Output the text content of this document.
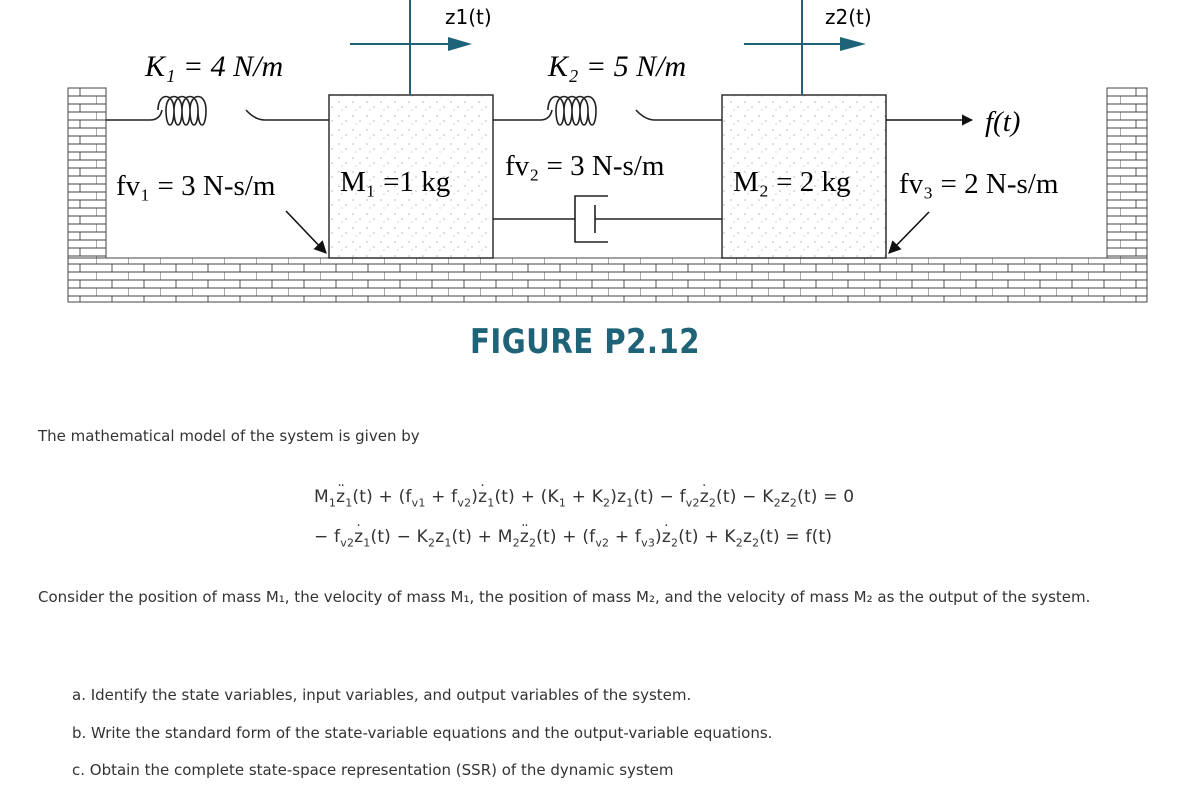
z1(t)	z2(t)
K₁ = 4 N/m	K₂ = 5 N/m
fv₁ = 3 N-s/m M₁ =1 kg fv₂ = 3 N-s/m M₂ = 2 kg fv₃ = 2 N-s/m
f(t)
FIGURE P2.12
The mathematical model of the system is given by
$M_1$.. $z_1(t) + (f_{v1} + f_{v2})$. $z_1(t) + (K_1 + K_2)z_1(t) - f_{v2}$. $z_2(t) - K_2z_2(t) = 0$
− $f_{v2}$. $z_1(t) - K_2z_1(t) + M_2$.. $z_2(t) + (f_{v2} + f_{v3})$. $z_2(t) + K_2z_2(t) = f(t)$
Consider the position of mass M₁, the velocity of mass M₁, the position of mass M₂, and the velocity of mass M₂ as the output of the system.
a. Identify the state variables, input variables, and output variables of the system.
b. Write the standard form of the state-variable equations and the output-variable equations.
c. Obtain the complete state-space representation (SSR) of the dynamic system
